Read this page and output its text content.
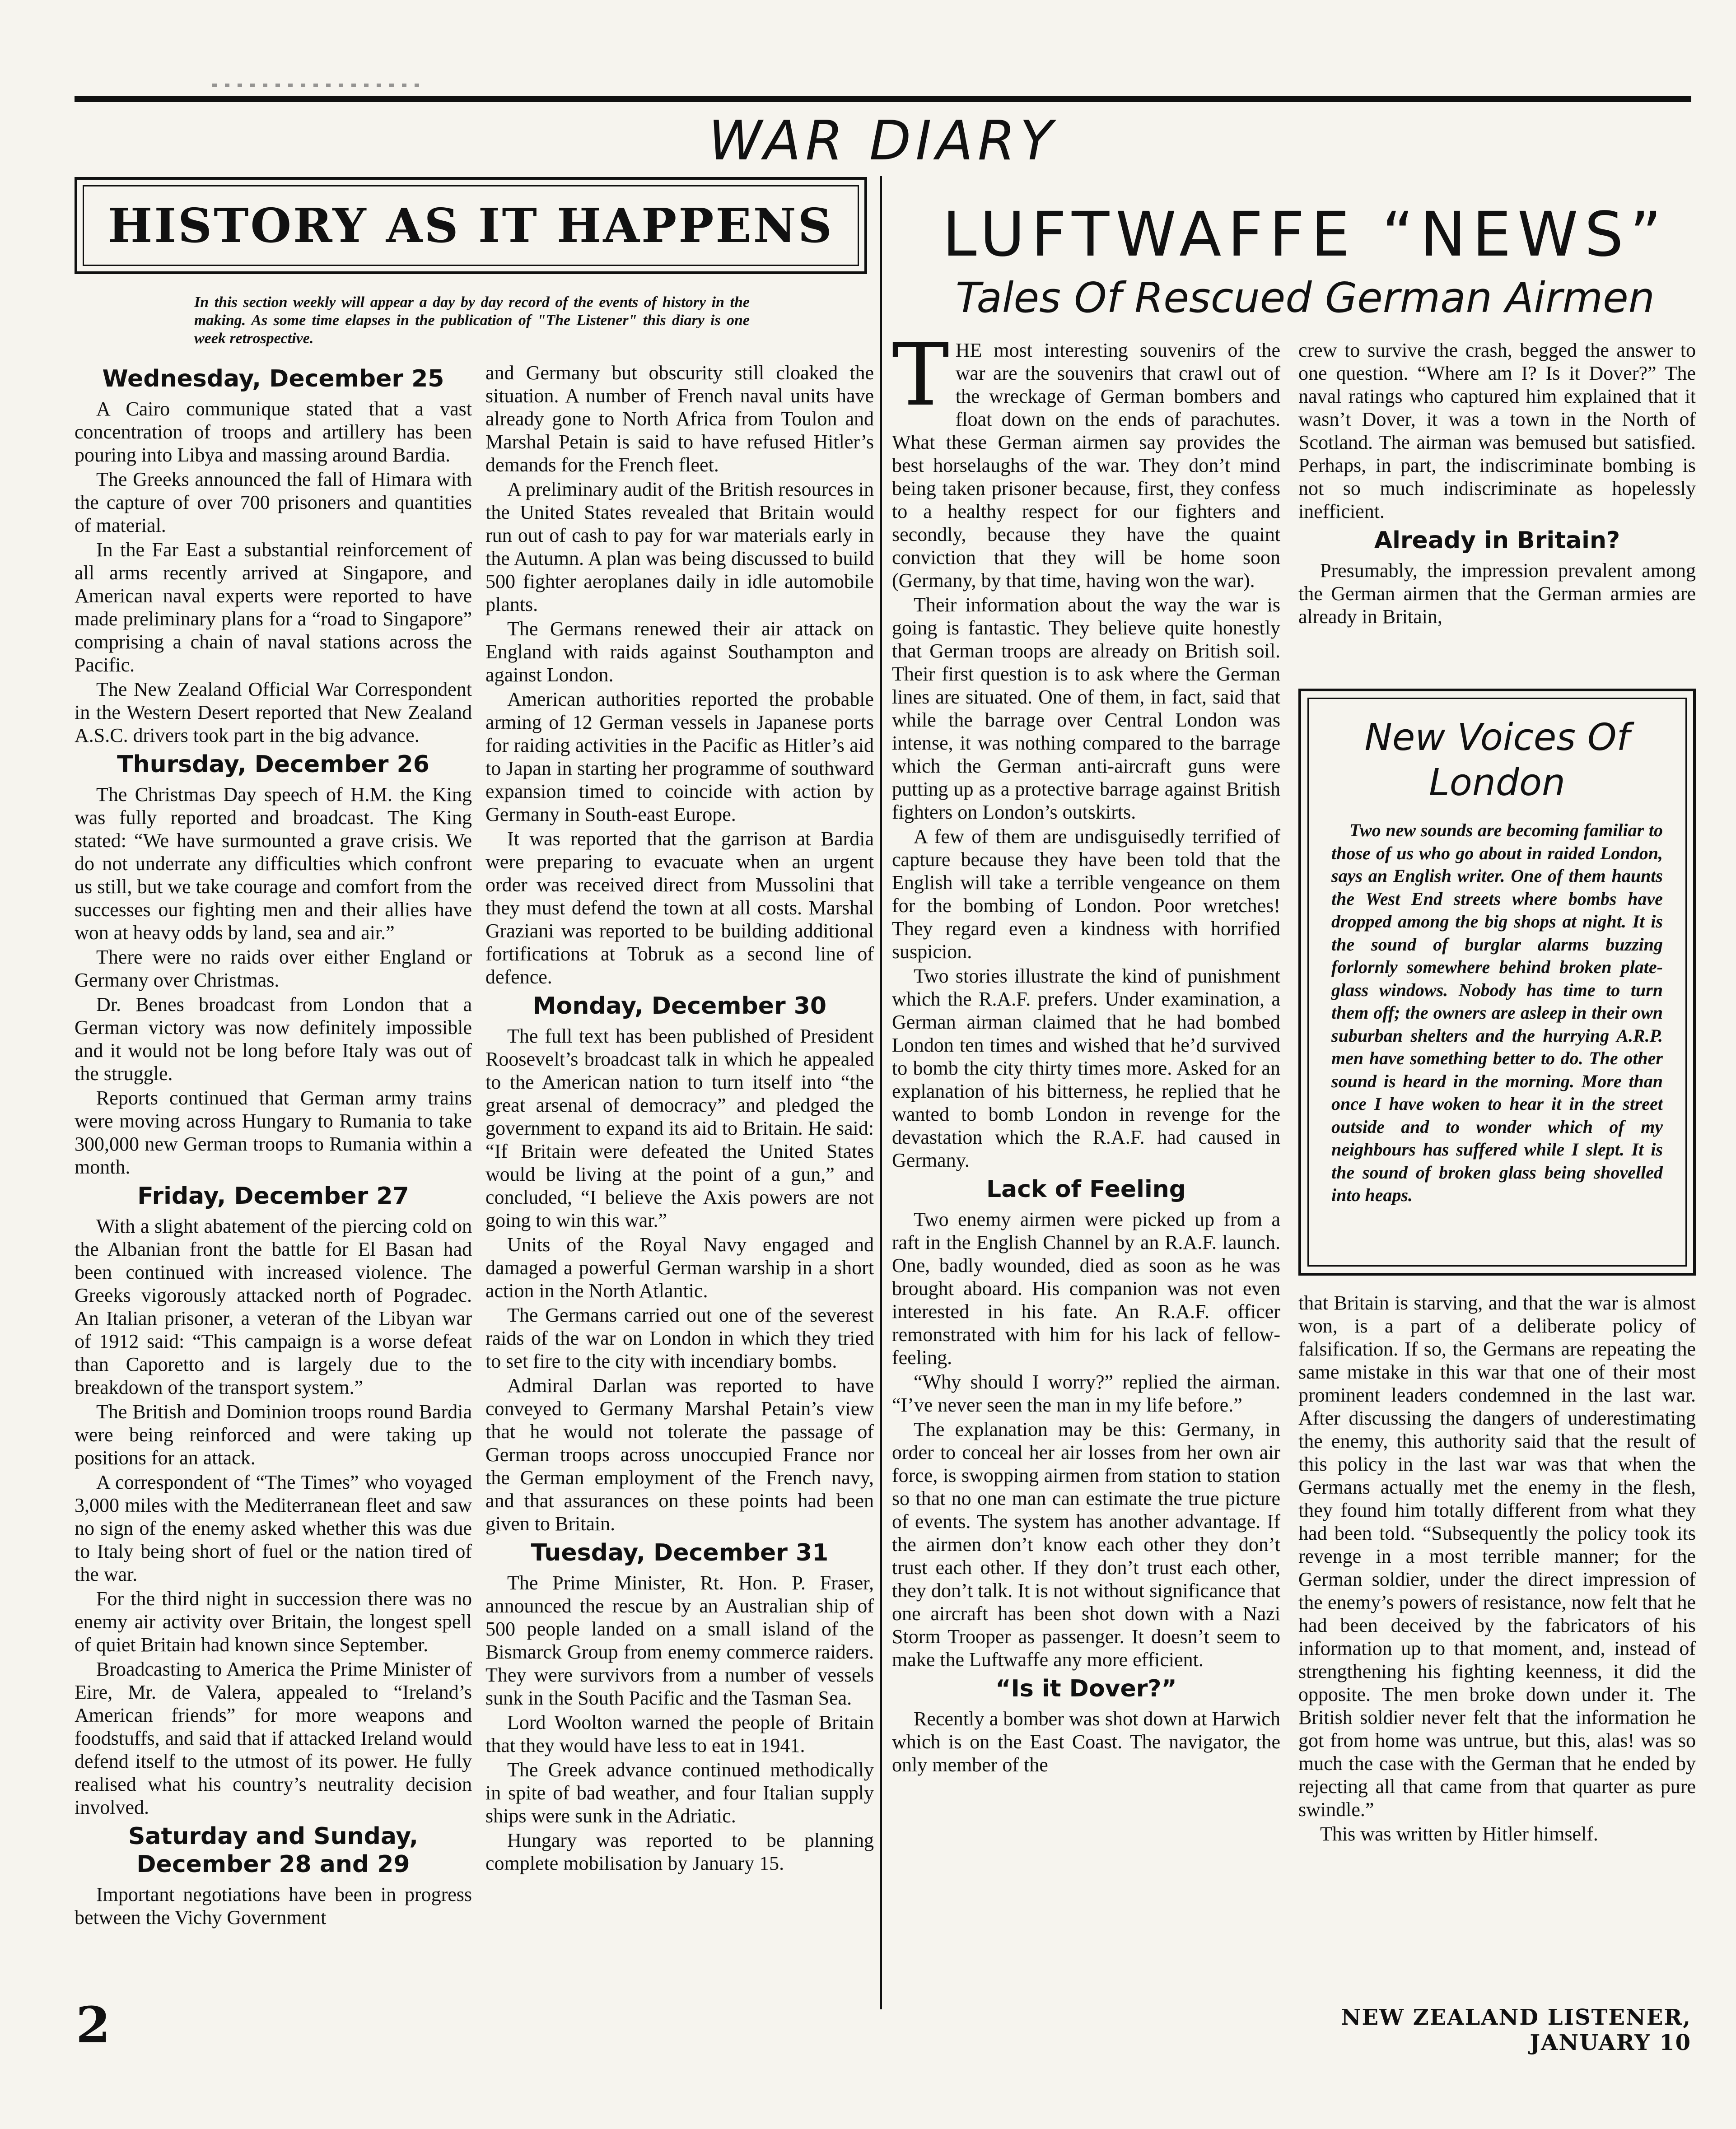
WAR DIARY
HISTORY AS IT HAPPENS
In this section weekly will appear a day by day record of the events of history in the making. As some time elapses in the publication of "The Listener" this diary is one week retrospective.
Wednesday, December 25

A Cairo communique stated that a vast concentration of troops and artillery has been pouring into Libya and massing around Bardia.

The Greeks announced the fall of Himara with the capture of over 700 prisoners and quantities of material.

In the Far East a substantial reinforcement of all arms recently arrived at Singapore, and American naval experts were reported to have made preliminary plans for a “road to Singapore” comprising a chain of naval stations across the Pacific.

The New Zealand Official War Correspondent in the Western Desert reported that New Zealand A.S.C. drivers took part in the big advance.

Thursday, December 26

The Christmas Day speech of H.M. the King was fully reported and broadcast. The King stated: “We have surmounted a grave crisis. We do not underrate any difficulties which confront us still, but we take courage and comfort from the successes our fighting men and their allies have won at heavy odds by land, sea and air.”

There were no raids over either England or Germany over Christmas.

Dr. Benes broadcast from London that a German victory was now definitely impossible and it would not be long before Italy was out of the struggle.

Reports continued that German army trains were moving across Hungary to Rumania to take 300,000 new German troops to Rumania within a month.

Friday, December 27

With a slight abatement of the piercing cold on the Albanian front the battle for El Basan had been continued with increased violence. The Greeks vigorously attacked north of Pogradec. An Italian prisoner, a veteran of the Libyan war of 1912 said: “This campaign is a worse defeat than Caporetto and is largely due to the breakdown of the transport system.”

The British and Dominion troops round Bardia were being reinforced and were taking up positions for an attack.

A correspondent of “The Times” who voyaged 3,000 miles with the Mediterranean fleet and saw no sign of the enemy asked whether this was due to Italy being short of fuel or the nation tired of the war.

For the third night in succession there was no enemy air activity over Britain, the longest spell of quiet Britain had known since September.

Broadcasting to America the Prime Minister of Eire, Mr. de Valera, appealed to “Ireland’s American friends” for more weapons and foodstuffs, and said that if attacked Ireland would defend itself to the utmost of its power. He fully realised what his country’s neutrality decision involved.

Saturday and Sunday, December 28 and 29

Important negotiations have been in progress between the Vichy Government

and Germany but obscurity still cloaked the situation. A number of French naval units have already gone to North Africa from Toulon and Marshal Petain is said to have refused Hitler’s demands for the French fleet.

A preliminary audit of the British resources in the United States revealed that Britain would run out of cash to pay for war materials early in the Autumn. A plan was being discussed to build 500 fighter aeroplanes daily in idle automobile plants.

The Germans renewed their air attack on England with raids against Southampton and against London.

American authorities reported the probable arming of 12 German vessels in Japanese ports for raiding activities in the Pacific as Hitler’s aid to Japan in starting her programme of southward expansion timed to coincide with action by Germany in South-east Europe.

It was reported that the garrison at Bardia were preparing to evacuate when an urgent order was received direct from Mussolini that they must defend the town at all costs. Marshal Graziani was reported to be building additional fortifications at Tobruk as a second line of defence.

Monday, December 30

The full text has been published of President Roosevelt’s broadcast talk in which he appealed to the American nation to turn itself into “the great arsenal of democracy” and pledged the government to expand its aid to Britain. He said: “If Britain were defeated the United States would be living at the point of a gun,” and concluded, “I believe the Axis powers are not going to win this war.”

Units of the Royal Navy engaged and damaged a powerful German warship in a short action in the North Atlantic.

The Germans carried out one of the severest raids of the war on London in which they tried to set fire to the city with incendiary bombs.

Admiral Darlan was reported to have conveyed to Germany Marshal Petain’s view that he would not tolerate the passage of German troops across unoccupied France nor the German employment of the French navy, and that assurances on these points had been given to Britain.

Tuesday, December 31

The Prime Minister, Rt. Hon. P. Fraser, announced the rescue by an Australian ship of 500 people landed on a small island of the Bismarck Group from enemy commerce raiders. They were survivors from a number of vessels sunk in the South Pacific and the Tasman Sea.

Lord Woolton warned the people of Britain that they would have less to eat in 1941.

The Greek advance continued methodically in spite of bad weather, and four Italian supply ships were sunk in the Adriatic.

Hungary was reported to be planning complete mobilisation by January 15.

LUFTWAFFE “NEWS”
Tales Of Rescued German Airmen

THE most interesting souvenirs of the war are the souvenirs that crawl out of the wreckage of German bombers and float down on the ends of parachutes. What these German airmen say provides the best horselaughs of the war. They don’t mind being taken prisoner because, first, they confess to a healthy respect for our fighters and secondly, because they have the quaint conviction that they will be home soon (Germany, by that time, having won the war).

Their information about the way the war is going is fantastic. They believe quite honestly that German troops are already on British soil. Their first question is to ask where the German lines are situated. One of them, in fact, said that while the barrage over Central London was intense, it was nothing compared to the barrage which the German anti-aircraft guns were putting up as a protective barrage against British fighters on London’s outskirts.

A few of them are undisguisedly terrified of capture because they have been told that the English will take a terrible vengeance on them for the bombing of London. Poor wretches! They regard even a kindness with horrified suspicion.

Two stories illustrate the kind of punishment which the R.A.F. prefers. Under examination, a German airman claimed that he had bombed London ten times and wished that he’d survived to bomb the city thirty times more. Asked for an explanation of his bitterness, he replied that he wanted to bomb London in revenge for the devastation which the R.A.F. had caused in Germany.

Lack of Feeling

Two enemy airmen were picked up from a raft in the English Channel by an R.A.F. launch. One, badly wounded, died as soon as he was brought aboard. His companion was not even interested in his fate. An R.A.F. officer remonstrated with him for his lack of fellow-feeling.

“Why should I worry?” replied the airman. “I’ve never seen the man in my life before.”

The explanation may be this: Germany, in order to conceal her air losses from her own air force, is swopping airmen from station to station so that no one man can estimate the true picture of events. The system has another advantage. If the airmen don’t know each other they don’t trust each other. If they don’t trust each other, they don’t talk. It is not without significance that one aircraft has been shot down with a Nazi Storm Trooper as passenger. It doesn’t seem to make the Luftwaffe any more efficient.

“Is it Dover?”

Recently a bomber was shot down at Harwich which is on the East Coast. The navigator, the only member of the

crew to survive the crash, begged the answer to one question. “Where am I? Is it Dover?” The naval ratings who captured him explained that it wasn’t Dover, it was a town in the North of Scotland. The airman was bemused but satisfied. Perhaps, in part, the indiscriminate bombing is not so much indiscriminate as hopelessly inefficient.

Already in Britain?

Presumably, the impression prevalent among the German airmen that the German armies are already in Britain,

New Voices Of London

Two new sounds are becoming familiar to those of us who go about in raided London, says an English writer. One of them haunts the West End streets where bombs have dropped among the big shops at night. It is the sound of burglar alarms buzzing forlornly somewhere behind broken plate-glass windows. Nobody has time to turn them off; the owners are asleep in their own suburban shelters and the hurrying A.R.P. men have something better to do. The other sound is heard in the morning. More than once I have woken to hear it in the street outside and to wonder which of my neighbours has suffered while I slept. It is the sound of broken glass being shovelled into heaps.

that Britain is starving, and that the war is almost won, is a part of a deliberate policy of falsification. If so, the Germans are repeating the same mistake in this war that one of their most prominent leaders condemned in the last war. After discussing the dangers of underestimating the enemy, this authority said that the result of this policy in the last war was that when the Germans actually met the enemy in the flesh, they found him totally different from what they had been told. “Subsequently the policy took its revenge in a most terrible manner; for the German soldier, under the direct impression of the enemy’s powers of resistance, now felt that he had been deceived by the fabricators of his information up to that moment, and, instead of strengthening his fighting keenness, it did the opposite. The men broke down under it. The British soldier never felt that the information he got from home was untrue, but this, alas! was so much the case with the German that he ended by rejecting all that came from that quarter as pure swindle.”

This was written by Hitler himself.

2	NEW ZEALAND LISTENER, JANUARY 10
